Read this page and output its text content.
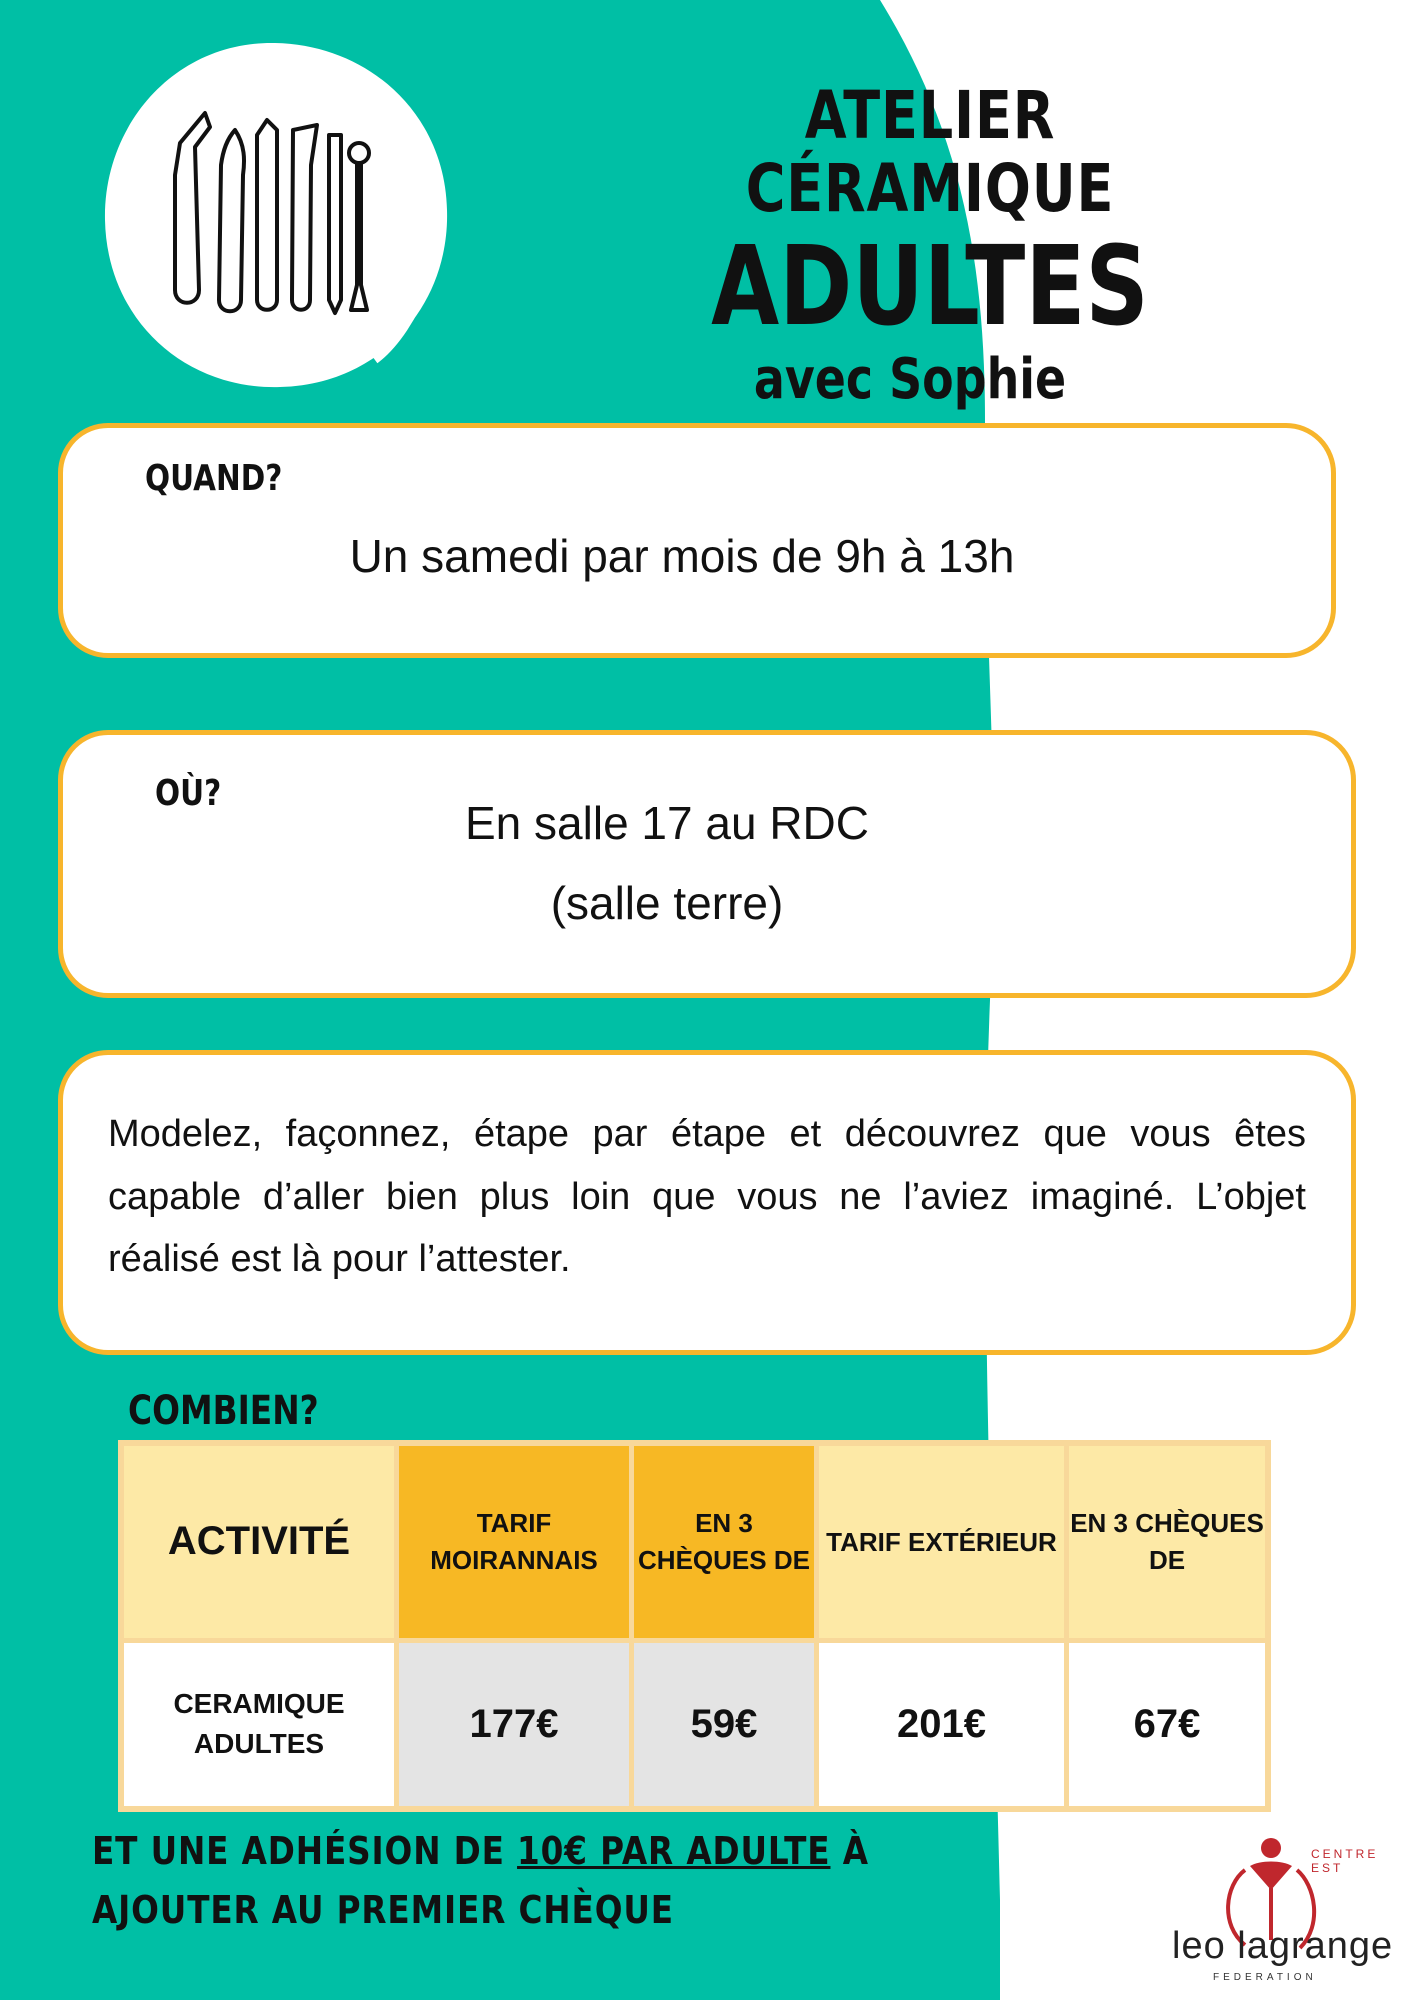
ATELIER CÉRAMIQUE
ADULTES
avec Sophie
QUAND?
Un samedi par mois de 9h à 13h
OÙ?
En salle 17 au RDC
(salle terre)
Modelez, façonnez, étape par étape et découvrez que vous êtes capable d’aller bien plus loin que vous ne l’aviez imaginé. L’objet réalisé est là pour l’attester.
COMBIEN?
ACTIVITÉ	TARIF MOIRANNAIS	EN 3 CHÈQUES DE	TARIF EXTÉRIEUR	EN 3 CHÈQUES DE
CERAMIQUE ADULTES	177€	59€	201€	67€
ET UNE ADHÉSION DE 10€ PAR ADULTE À AJOUTER AU PREMIER CHÈQUE
CENTRE EST
leo lagrange
FEDERATION
